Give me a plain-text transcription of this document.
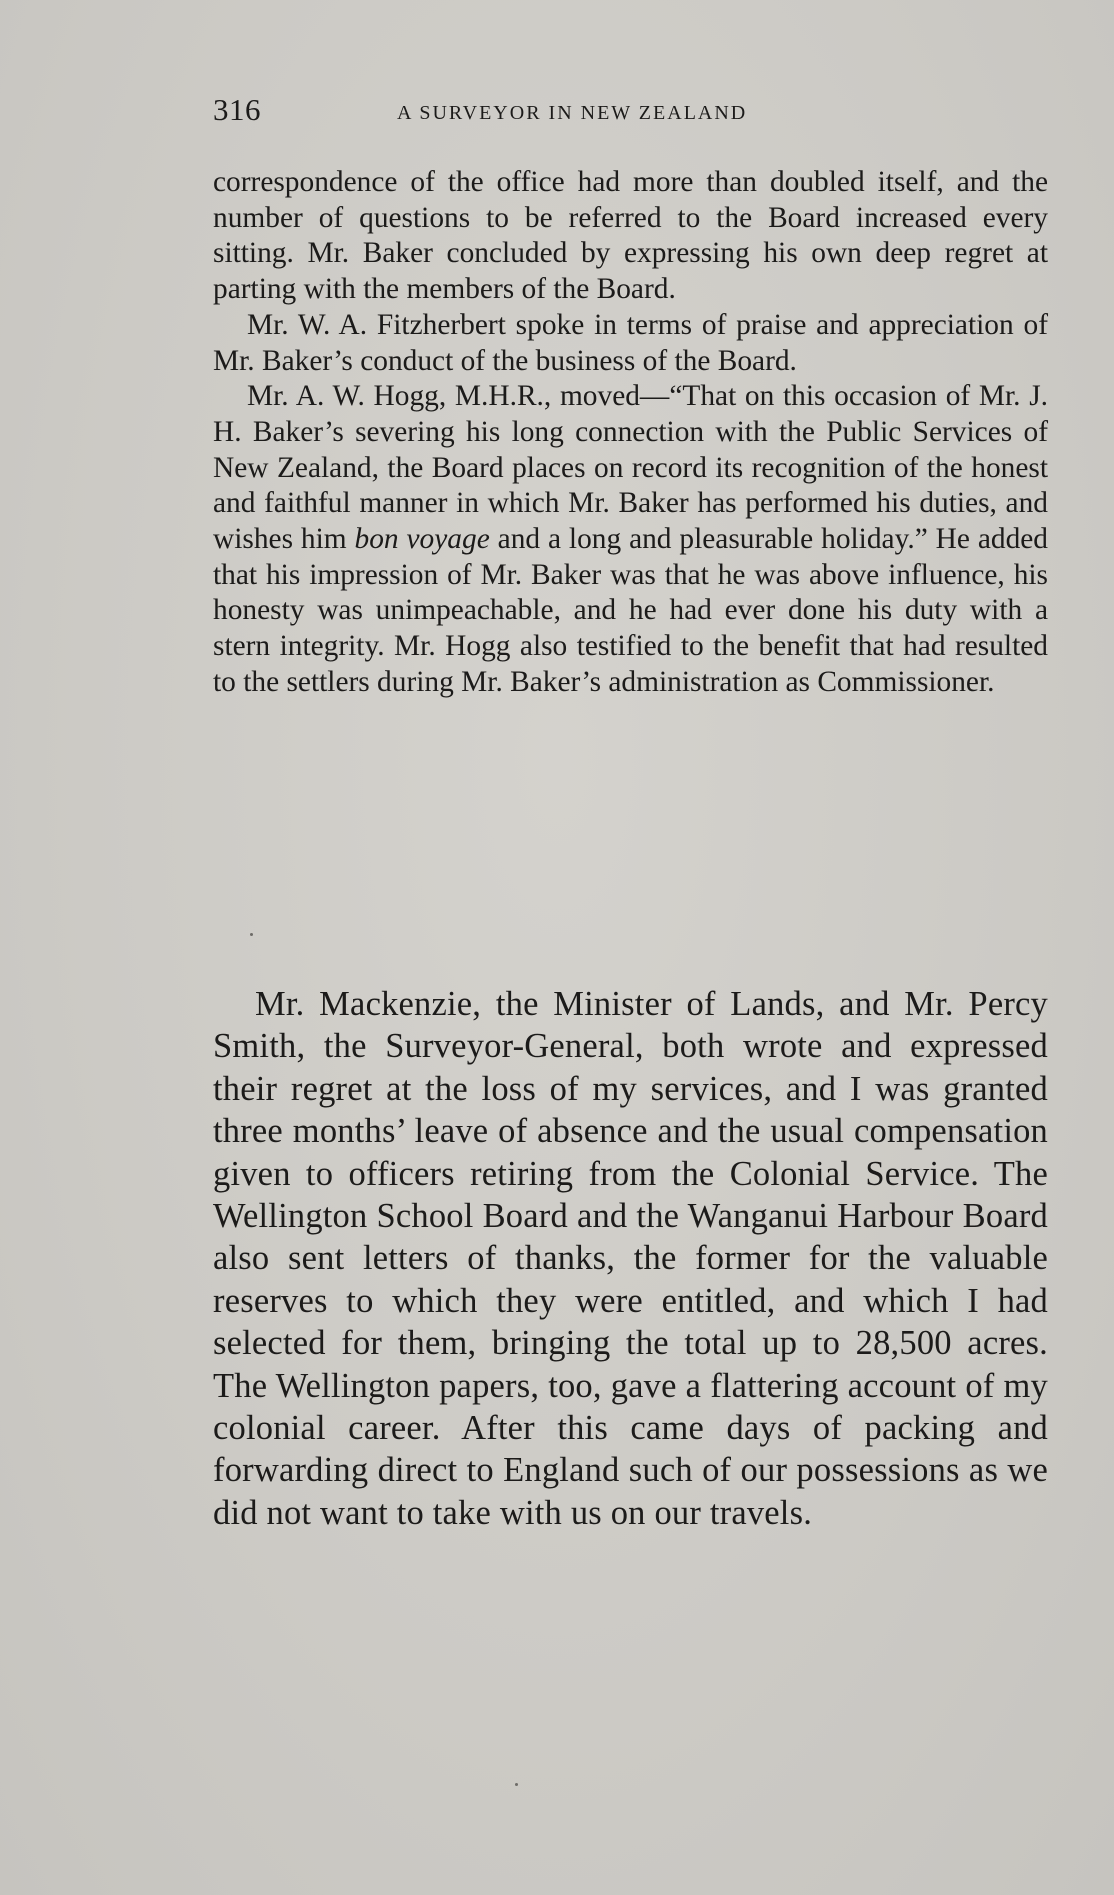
316	A SURVEYOR IN NEW ZEALAND

correspondence of the office had more than doubled itself, and the number of questions to be referred to the Board increased every sitting. Mr. Baker concluded by expressing his own deep regret at parting with the members of the Board.

Mr. W. A. Fitzherbert spoke in terms of praise and appreciation of Mr. Baker’s conduct of the business of the Board.

Mr. A. W. Hogg, M.H.R., moved—“That on this occasion of Mr. J. H. Baker’s severing his long connection with the Public Services of New Zealand, the Board places on record its recognition of the honest and faithful manner in which Mr. Baker has performed his duties, and wishes him bon voyage and a long and pleasurable holiday.” He added that his impression of Mr. Baker was that he was above influence, his honesty was unimpeachable, and he had ever done his duty with a stern integrity. Mr. Hogg also testified to the benefit that had resulted to the settlers during Mr. Baker’s administration as Commissioner.

Mr. Mackenzie, the Minister of Lands, and Mr. Percy Smith, the Surveyor-General, both wrote and expressed their regret at the loss of my services, and I was granted three months’ leave of absence and the usual compensation given to officers retiring from the Colonial Service. The Wellington School Board and the Wanganui Harbour Board also sent letters of thanks, the former for the valuable reserves to which they were entitled, and which I had selected for them, bringing the total up to 28,500 acres. The Wellington papers, too, gave a flattering account of my colonial career. After this came days of packing and forwarding direct to England such of our possessions as we did not want to take with us on our travels.
